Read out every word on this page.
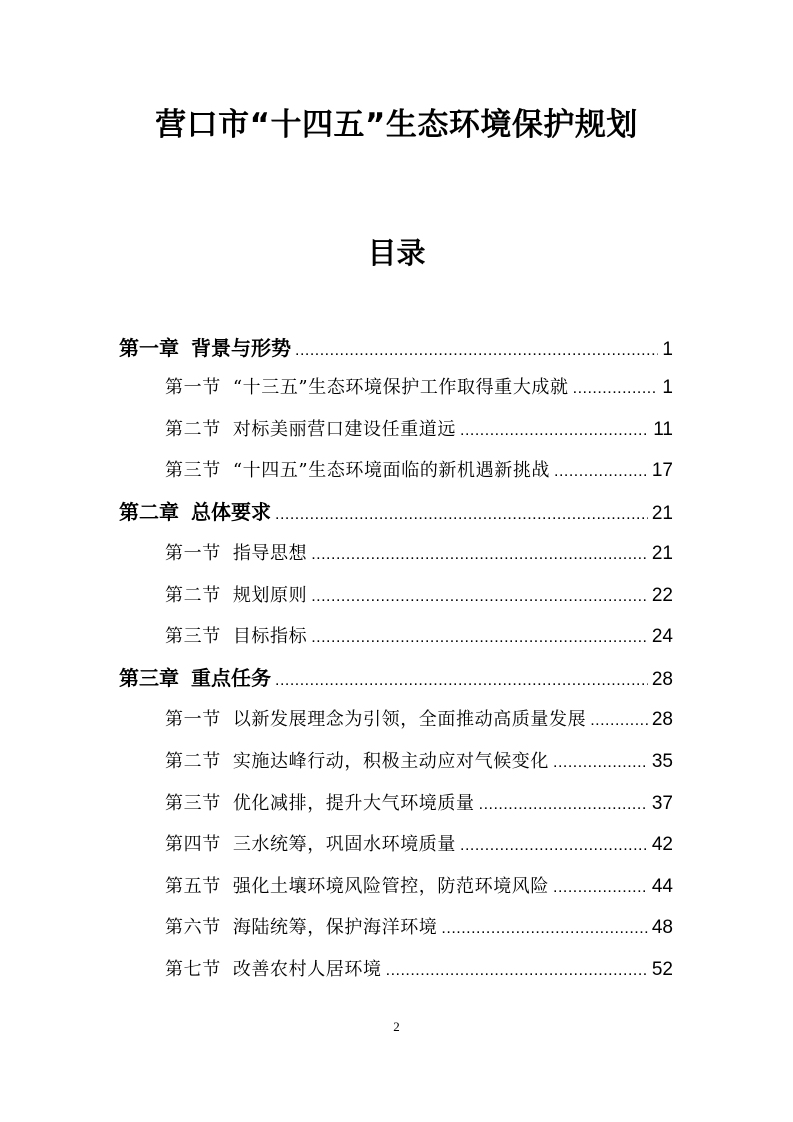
营口市“十四五”生态环境保护规划
目录
第一章 背景与形势 .....	1
第一节 “十三五”生态环境保护工作取得重大成就 .....	1
第二节 对标美丽营口建设任重道远 .....	11
第三节 “十四五”生态环境面临的新机遇新挑战 .....	17
第二章 总体要求 .....	21
第一节 指导思想 .....	21
第二节 规划原则 .....	22
第三节 目标指标 .....	24
第三章 重点任务 .....	28
第一节 以新发展理念为引领，全面推动高质量发展 .....	28
第二节 实施达峰行动，积极主动应对气候变化 .....	35
第三节 优化减排，提升大气环境质量 .....	37
第四节 三水统筹，巩固水环境质量 .....	42
第五节 强化土壤环境风险管控，防范环境风险 .....	44
第六节 海陆统筹，保护海洋环境 .....	48
第七节 改善农村人居环境 .....	52
2
